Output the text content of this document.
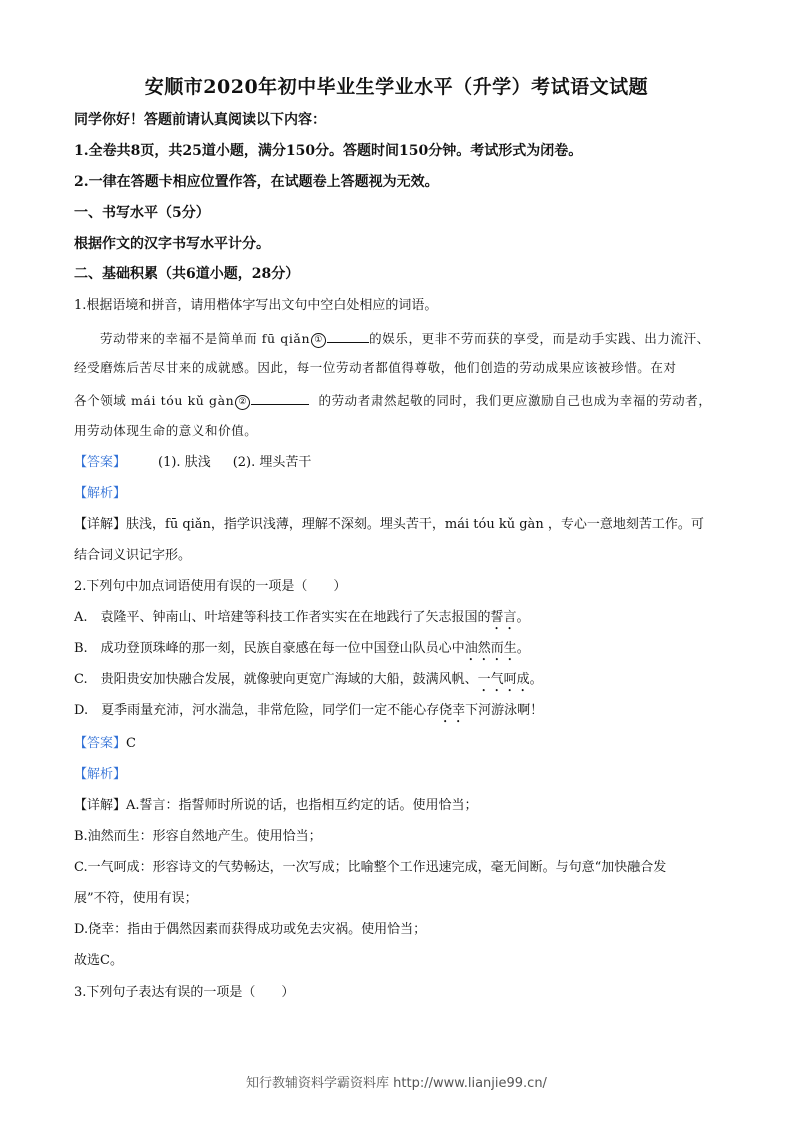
安顺市2020年初中毕业生学业水平（升学）考试语文试题
同学你好！答题前请认真阅读以下内容：
1.全卷共8页，共25道小题，满分150分。答题时间150分钟。考试形式为闭卷。
2.一律在答题卡相应位置作答，在试题卷上答题视为无效。
一、书写水平（5分）
根据作文的汉字书写水平计分。
二、基础积累（共6道小题，28分）
1.根据语境和拼音，请用楷体字写出文句中空白处相应的词语。
劳动带来的幸福不是简单而 fū qiǎn ①	的娱乐，更非不劳而获的享受，而是动手实践、出力流汗、
经受磨炼后苦尽甘来的成就感。因此，每一位劳动者都值得尊敬，他们创造的劳动成果应该被珍惜。在对
各个领域 mái tóu kǔ gàn ②	的劳动者肃然起敬的同时，我们更应激励自己也成为幸福的劳动者，
用劳动体现生命的意义和价值。
【答案】 (1). 肤浅 (2). 埋头苦干
【解析】
【详解】肤浅，fū qiǎn，指学识浅薄，理解不深刻。埋头苦干，mái tóu kǔ gàn ，专心一意地刻苦工作。可
结合词义识记字形。
2.下列句中加点词语使用有误的一项是（　　）
A.　袁隆平、钟南山、叶培建等科技工作者实实在在地践行了矢志报国的誓言。
B.　成功登顶珠峰的那一刻，民族自豪感在每一位中国登山队员心中油然而生。
C.　贵阳贵安加快融合发展，就像驶向更宽广海域的大船，鼓满风帆、一气呵成。
D.　夏季雨量充沛，河水湍急，非常危险，同学们一定不能心存侥幸下河游泳啊！
【答案】C
【解析】
【详解】A.誓言：指誓师时所说的话，也指相互约定的话。使用恰当；
B.油然而生：形容自然地产生。使用恰当；
C.一气呵成：形容诗文的气势畅达，一次写成；比喻整个工作迅速完成，毫无间断。与句意“加快融合发
展”不符，使用有误；
D.侥幸：指由于偶然因素而获得成功或免去灾祸。使用恰当；
故选C。
3.下列句子表达有误的一项是（　　）
知行教辅资料学霸资料库 http://www.lianjie99.cn/
